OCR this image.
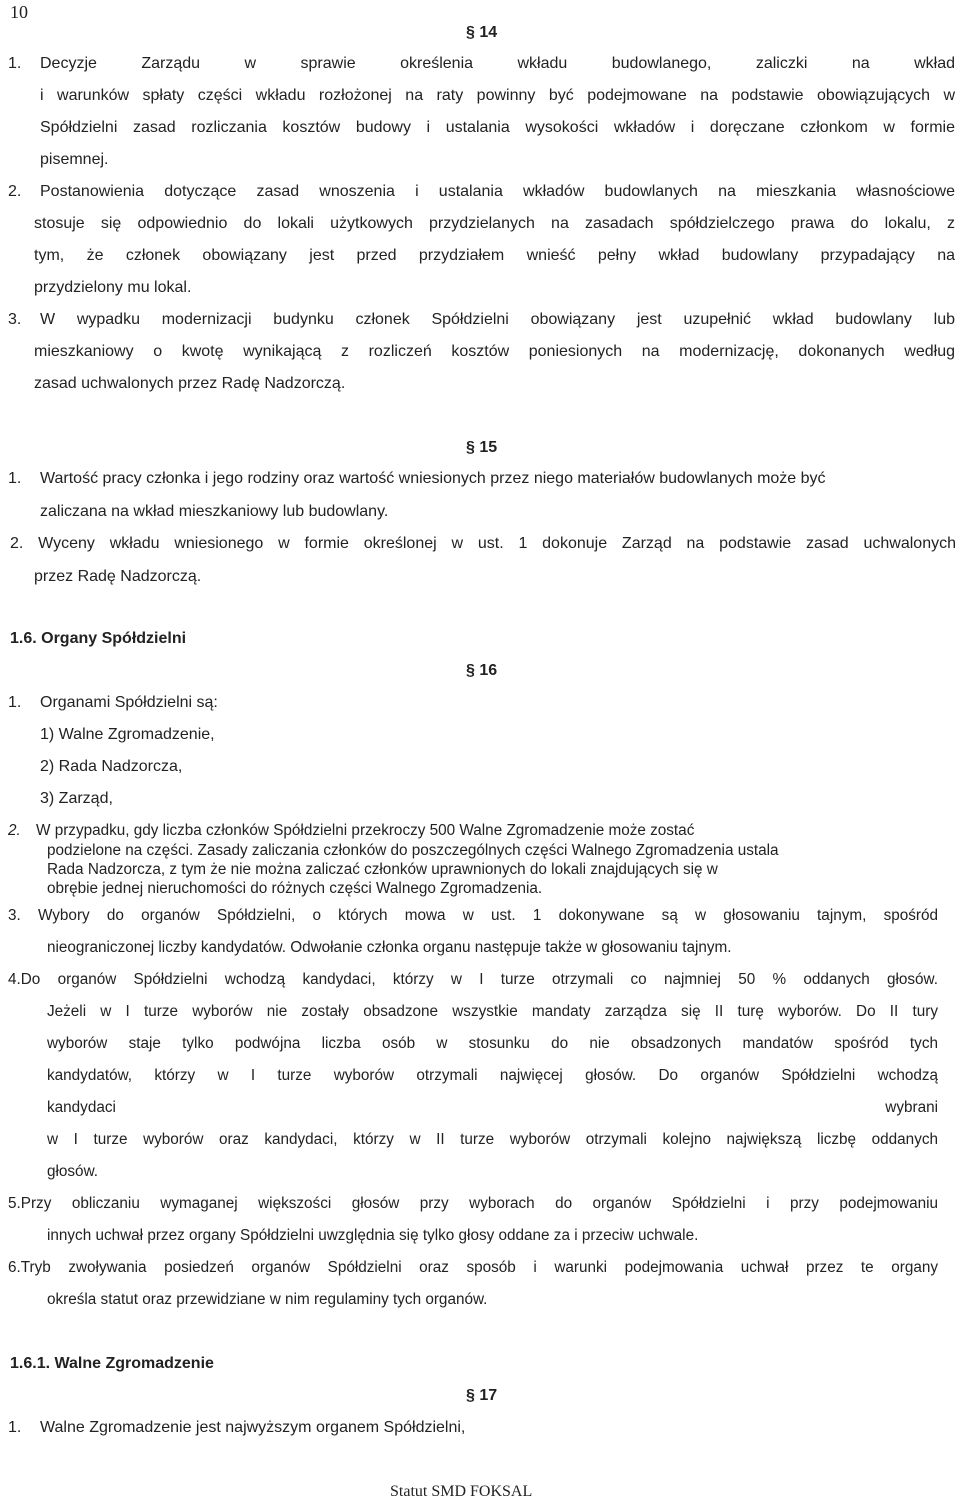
10
§ 14
1. Decyzje Zarządu w sprawie określenia wkładu budowlanego, zaliczki na wkład
i warunków spłaty części wkładu rozłożonej na raty powinny być podejmowane na podstawie obowiązujących w
Spółdzielni zasad rozliczania kosztów budowy i ustalania wysokości wkładów i doręczane członkom w formie
pisemnej.
2. Postanowienia dotyczące zasad wnoszenia i ustalania wkładów budowlanych na mieszkania własnościowe
stosuje się odpowiednio do lokali użytkowych przydzielanych na zasadach spółdzielczego prawa do lokalu, z
tym, że członek obowiązany jest przed przydziałem wnieść pełny wkład budowlany przypadający na
przydzielony mu lokal.
3. W wypadku modernizacji budynku członek Spółdzielni obowiązany jest uzupełnić wkład budowlany lub
mieszkaniowy o kwotę wynikającą z rozliczeń kosztów poniesionych na modernizację, dokonanych według
zasad uchwalonych przez Radę Nadzorczą.
§ 15
1. Wartość pracy członka i jego rodziny oraz wartość wniesionych przez niego materiałów budowlanych może być
zaliczana na wkład mieszkaniowy lub budowlany.
2. Wyceny wkładu wniesionego w formie określonej w ust. 1 dokonuje Zarząd na podstawie zasad uchwalonych
przez Radę Nadzorczą.
1.6. Organy Spółdzielni
§ 16
1. Organami Spółdzielni są:
1) Walne Zgromadzenie,
2) Rada Nadzorcza,
3) Zarząd,
2. W przypadku, gdy liczba członków Spółdzielni przekroczy 500 Walne Zgromadzenie może zostać
podzielone na części. Zasady zaliczania członków do poszczególnych części Walnego Zgromadzenia ustala
Rada Nadzorcza, z tym że nie można zaliczać członków uprawnionych do lokali znajdujących się w
obrębie jednej nieruchomości do różnych części Walnego Zgromadzenia.
3. Wybory do organów Spółdzielni, o których mowa w ust. 1 dokonywane są w głosowaniu tajnym, spośród
nieograniczonej liczby kandydatów. Odwołanie członka organu następuje także w głosowaniu tajnym.
4.Do organów Spółdzielni wchodzą kandydaci, którzy w I turze otrzymali co najmniej 50 % oddanych głosów.
Jeżeli w I turze wyborów nie zostały obsadzone wszystkie mandaty zarządza się II turę wyborów. Do II tury
wyborów staje tylko podwójna liczba osób w stosunku do nie obsadzonych mandatów spośród tych
kandydatów, którzy w I turze wyborów otrzymali najwięcej głosów. Do organów Spółdzielni wchodzą
kandydaci	wybrani
w I turze wyborów oraz kandydaci, którzy w II turze wyborów otrzymali kolejno największą liczbę oddanych
głosów.
5.Przy obliczaniu wymaganej większości głosów przy wyborach do organów Spółdzielni i przy podejmowaniu
innych uchwał przez organy Spółdzielni uwzględnia się tylko głosy oddane za i przeciw uchwale.
6.Tryb zwoływania posiedzeń organów Spółdzielni oraz sposób i warunki podejmowania uchwał przez te organy
określa statut oraz przewidziane w nim regulaminy tych organów.
1.6.1. Walne Zgromadzenie
§ 17
1. Walne Zgromadzenie jest najwyższym organem Spółdzielni,
Statut SMD FOKSAL
